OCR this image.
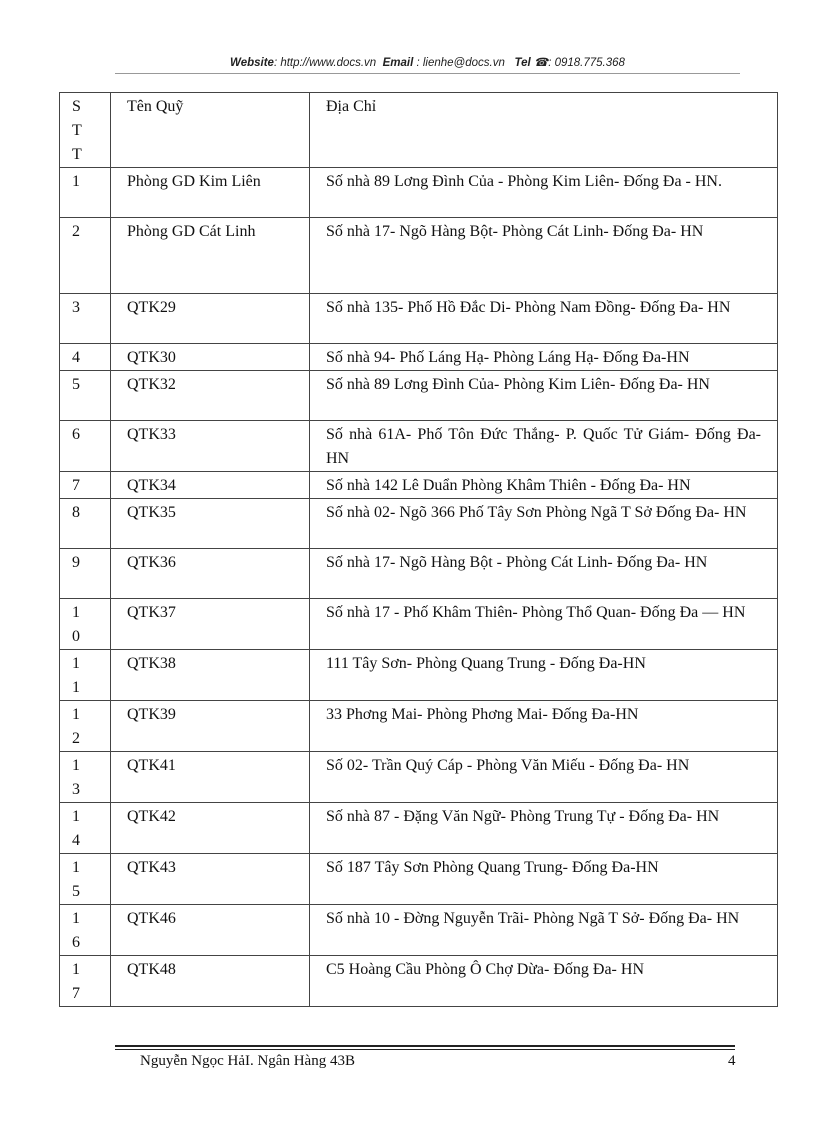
Website: http://www.docs.vn Email : lienhe@docs.vn Tel ☎: 0918.775.368
S
T
T	Tên Quỹ	Địa Chỉ

1	Phòng GD Kim Liên	Số nhà 89 Lơng Đình Của - Phòng Kim Liên- Đống Đa - HN.

2	Phòng GD Cát Linh	Số nhà 17- Ngõ Hàng Bột- Phòng Cát Linh- Đống Đa- HN

3	QTK29	Số nhà 135- Phố Hồ Đắc Di- Phòng Nam Đồng- Đống Đa- HN

4	QTK30	Số nhà 94- Phố Láng Hạ- Phòng Láng Hạ- Đống Đa-HN

5	QTK32	Số nhà 89 Lơng Đình Của- Phòng Kim Liên- Đống Đa- HN

6	QTK33	Số nhà 61A- Phố Tôn Đức Thắng- P. Quốc Tử Giám- Đống Đa- HN

7	QTK34	Số nhà 142 Lê Duẩn Phòng Khâm Thiên - Đống Đa- HN

8	QTK35	Số nhà 02- Ngõ 366 Phố Tây Sơn Phòng Ngã T Sở Đống Đa- HN

9	QTK36	Số nhà 17- Ngõ Hàng Bột - Phòng Cát Linh- Đống Đa- HN

1
0	QTK37	Số nhà 17 - Phố Khâm Thiên- Phòng Thổ Quan- Đống Đa — HN

1
1	QTK38	111 Tây Sơn- Phòng Quang Trung - Đống Đa-HN

1
2	QTK39	33 Phơng Mai- Phòng Phơng Mai- Đống Đa-HN

1
3	QTK41	Số 02- Trần Quý Cáp - Phòng Văn Miếu - Đống Đa- HN

1
4	QTK42	Số nhà 87 - Đặng Văn Ngữ- Phòng Trung Tự - Đống Đa- HN

1
5	QTK43	Số 187 Tây Sơn Phòng Quang Trung- Đống Đa-HN

1
6	QTK46	Số nhà 10 - Đờng Nguyễn Trãi- Phòng Ngã T Sở- Đống Đa- HN

1
7	QTK48	C5 Hoàng Cầu Phòng Ô Chợ Dừa- Đống Đa- HN
Nguyễn Ngọc HảI. Ngân Hàng 43B	4
